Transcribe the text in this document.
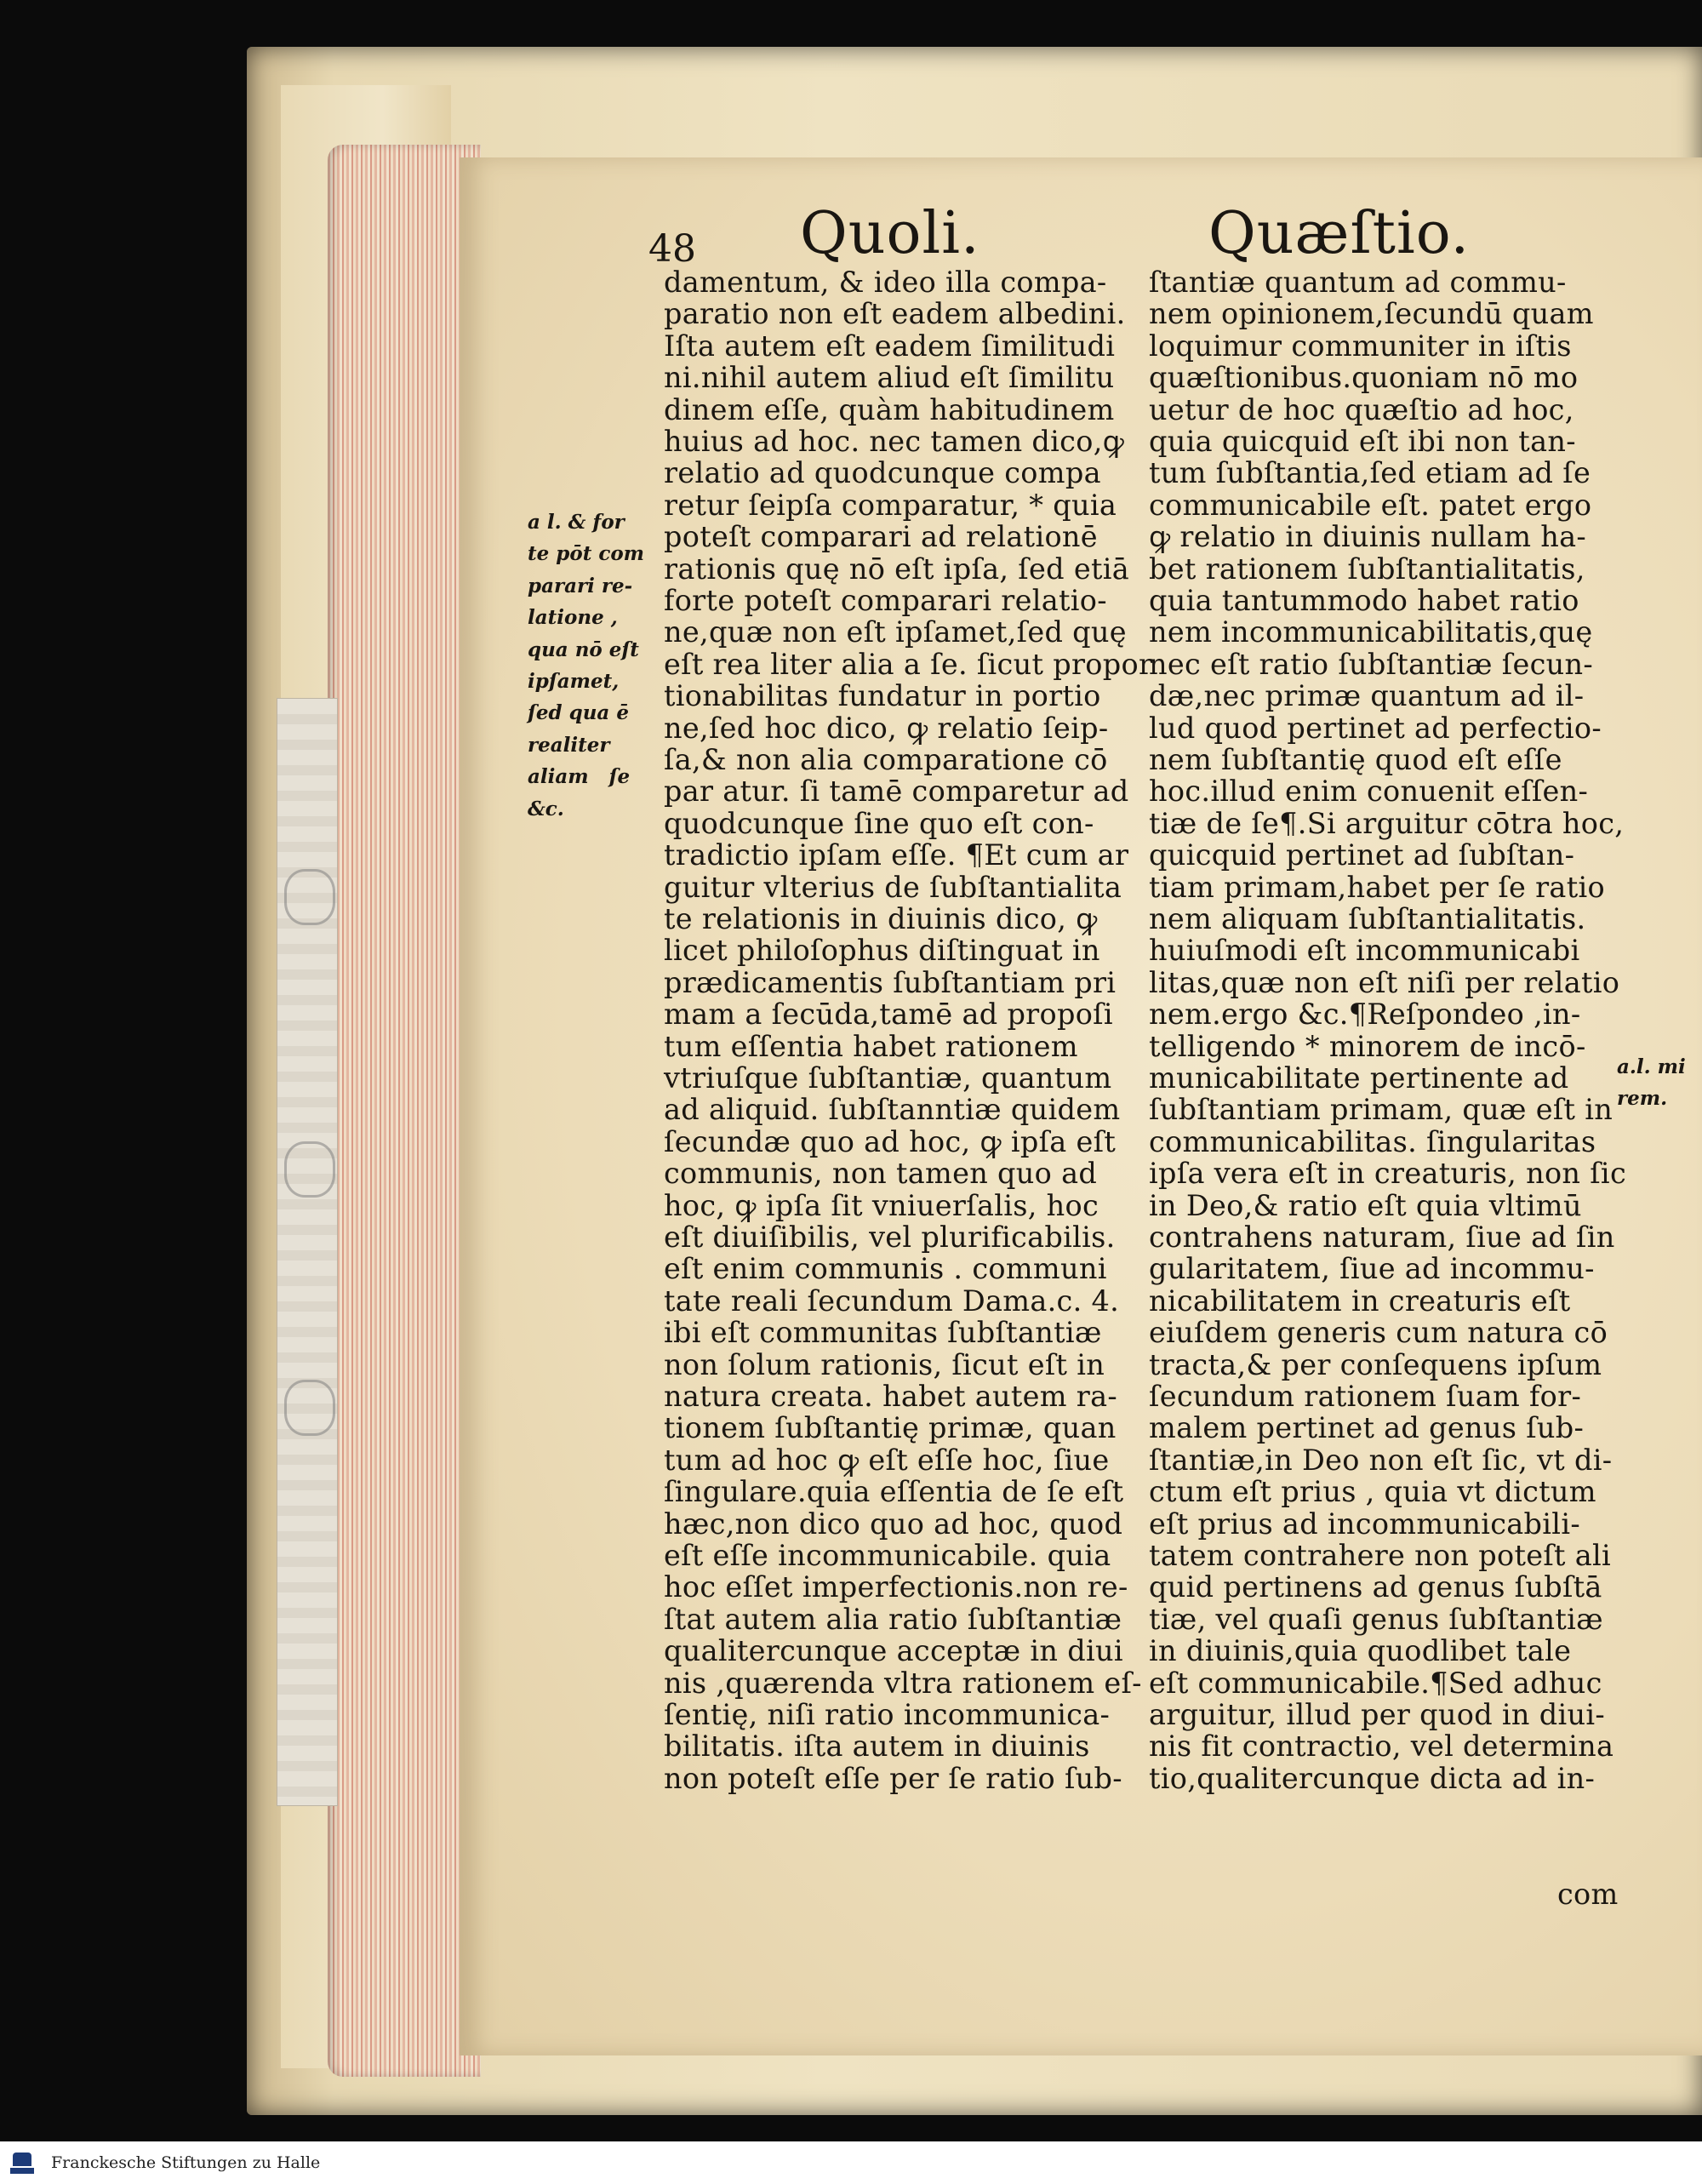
48 Quoli.	Quæſtio.
damentum, & ideo illa compa-
paratio non eſt eadem albedini.
Iſta autem eſt eadem ſimilitudi
ni.nihil autem aliud eſt ſimilitu
dinem eſſe, quàm habitudinem
huius ad hoc. nec tamen dico,ꝙ
relatio ad quodcunque compa
retur ſeipſa comparatur, * quia
poteſt comparari ad relationē
rationis quę nō eſt ipſa, ſed etiā
forte poteſt comparari relatio-
ne,quæ non eſt ipſamet,ſed quę
eſt rea liter alia a ſe. ſicut propor
tionabilitas fundatur in portio
ne,ſed hoc dico, ꝙ relatio ſeip-
ſa,& non alia comparatione cō
par atur. ſi tamē comparetur ad
quodcunque ſine quo eſt con-
tradictio ipſam eſſe. ¶Et cum ar
guitur vlterius de ſubſtantialita
te relationis in diuinis dico, ꝙ
licet philoſophus diſtinguat in
prædicamentis ſubſtantiam pri
mam a ſecūda,tamē ad propoſi
tum eſſentia habet rationem
vtriuſque ſubſtantiæ, quantum
ad aliquid. ſubſtanntiæ quidem
ſecundæ quo ad hoc, ꝙ ipſa eſt
communis, non tamen quo ad
hoc, ꝙ ipſa ſit vniuerſalis, hoc
eſt diuiſibilis, vel plurificabilis.
eſt enim communis . communi
tate reali ſecundum Dama.c. 4.
ibi eſt communitas ſubſtantiæ
non ſolum rationis, ſicut eſt in
natura creata. habet autem ra-
tionem ſubſtantię primæ, quan
tum ad hoc ꝙ eſt eſſe hoc, ſiue
ſingulare.quia eſſentia de ſe eſt
hæc,non dico quo ad hoc, quod
eſt eſſe incommunicabile. quia
hoc eſſet imperfectionis.non re-
ſtat autem alia ratio ſubſtantiæ
qualitercunque acceptæ in diui
nis ,quærenda vltra rationem eſ-
ſentię, niſi ratio incommunica-
bilitatis. iſta autem in diuinis
non poteſt eſſe per ſe ratio ſub-
ſtantiæ quantum ad commu-
nem opinionem,ſecundū quam
loquimur communiter in iſtis
quæſtionibus.quoniam nō mo
uetur de hoc quæſtio ad hoc,
quia quicquid eſt ibi non tan-
tum ſubſtantia,ſed etiam ad ſe
communicabile eſt. patet ergo
ꝙ relatio in diuinis nullam ha-
bet rationem ſubſtantialitatis,
quia tantummodo habet ratio
nem incommunicabilitatis,quę
nec eſt ratio ſubſtantiæ ſecun-
dæ,nec primæ quantum ad il-
lud quod pertinet ad perfectio-
nem ſubſtantię quod eſt eſſe
hoc.illud enim conuenit eſſen-
tiæ de ſe¶.Si arguitur cōtra hoc,
quicquid pertinet ad ſubſtan-
tiam primam,habet per ſe ratio
nem aliquam ſubſtantialitatis.
huiuſmodi eſt incommunicabi
litas,quæ non eſt niſi per relatio
nem.ergo &c.¶Reſpondeo ,in-
telligendo * minorem de incō-
municabilitate pertinente ad
ſubſtantiam primam, quæ eſt in
communicabilitas. ſingularitas
ipſa vera eſt in creaturis, non ſic
in Deo,& ratio eſt quia vltimū
contrahens naturam, ſiue ad ſin
gularitatem, ſiue ad incommu-
nicabilitatem in creaturis eſt
eiuſdem generis cum natura cō
tracta,& per conſequens ipſum
ſecundum rationem ſuam for-
malem pertinet ad genus ſub-
ſtantiæ,in Deo non eſt ſic, vt di-
ctum eſt prius , quia vt dictum
eſt prius ad incommunicabili-
tatem contrahere non poteſt ali
quid pertinens ad genus ſubſtā
tiæ, vel quaſi genus ſubſtantiæ
in diuinis,quia quodlibet tale
eſt communicabile.¶Sed adhuc
arguitur, illud per quod in diui-
nis fit contractio, vel determina
tio,qualitercunque dicta ad in-
a l. & for
te pōt com
parari re-
latione ,
qua nō eſt
ipſamet,
ſed qua ē
realiter
aliam   ſe
&c.
a.l. mi
rem.
com
Franckesche Stiftungen zu Halle
